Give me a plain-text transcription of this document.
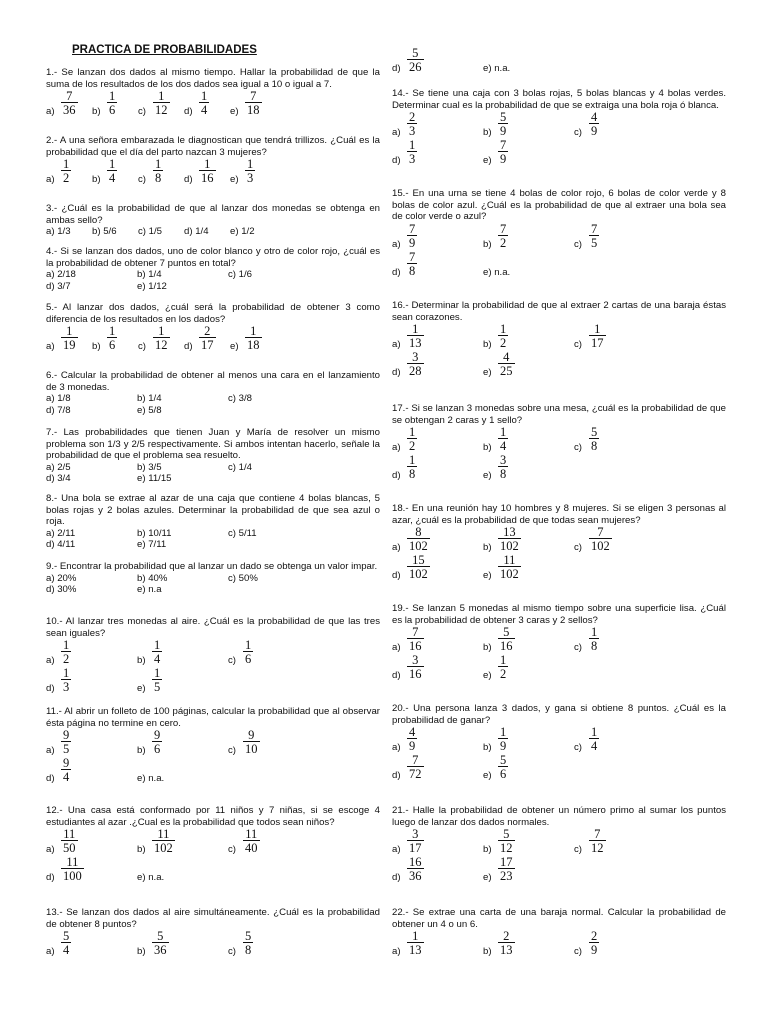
PRACTICA DE PROBABILIDADES
1.- Se lanzan dos dados al mismo tiempo. Hallar la probabilidad de que la suma de los resultados de los dos dados sea igual a 10 o igual a 7.
$a) \frac{7}{36} b) \frac{1}{6} c) \frac{1}{12} d) \frac{1}{4} e) \frac{7}{18}$
2.- A una señora embarazada le diagnostican que tendrá trillizos. ¿Cuál es la probabilidad que el día del parto nazcan 3 mujeres?
$a) \frac{1}{2} b) \frac{1}{4} c) \frac{1}{8} d) \frac{1}{16} e) \frac{1}{3}$
3.- ¿Cuál es la probabilidad de que al lanzar dos monedas se obtenga en ambas sello?
a) 1/3 b) 5/6 c) 1/5 d) 1/4 e) 1/2
4.- Si se lanzan dos dados, uno de color blanco y otro de color rojo, ¿cuál es la probabilidad de obtener 7 puntos en total?
a) 2/18	b) 1/4	c) 1/6
d) 3/7	e) 1/12
5.- Al lanzar dos dados, ¿cuál será la probabilidad de obtener 3 como diferencia de los resultados en los dados?
$a) \frac{1}{19} b) \frac{1}{6} c) \frac{1}{12} d) \frac{2}{17} e) \frac{1}{18}$
6.- Calcular la probabilidad de obtener al menos una cara en el lanzamiento de 3 monedas.
a) 1/8	b) 1/4	c) 3/8
d) 7/8	e) 5/8
7.- Las probabilidades que tienen Juan y María de resolver un mismo problema son 1/3 y 2/5 respectivamente. Si ambos intentan hacerlo, señale la probabilidad de que el problema sea resuelto.
a) 2/5	b) 3/5	c) 1/4
d) 3/4	e) 11/15
8.- Una bola se extrae al azar de una caja que contiene 4 bolas blancas, 5 bolas rojas y 2 bolas azules. Determinar la probabilidad de que sea azul o roja.
a) 2/11	b) 10/11	c) 5/11
d) 4/11	e) 7/11
9.- Encontrar la probabilidad que al lanzar un dado se obtenga un valor impar.
a) 20%	b) 40%	c) 50%
d) 30%	e) n.a
10.- Al lanzar tres monedas al aire. ¿Cuál es la probabilidad de que las tres sean iguales?
$a) \frac{1}{2}$	$b) \frac{1}{4}$	$c) \frac{1}{6}$
$d) \frac{1}{3}$	$e) \frac{1}{5}$
11.- Al abrir un folleto de 100 páginas, calcular la probabilidad que al observar ésta página no termine en cero.
$a) \frac{9}{5}$	$b) \frac{9}{6}$	$c) \frac{9}{10}$
$d) \frac{9}{4}$	e) n.a.
12.- Una casa está conformado por 11 niños y 7 niñas, si se escoge 4 estudiantes al azar .¿Cual es la probabilidad que todos sean niños?
$a) \frac{11}{50}$	$b) \frac{11}{102}$	$c) \frac{11}{40}$
$d) \frac{11}{100}$	e) n.a.
13.- Se lanzan dos dados al aire simultáneamente. ¿Cuál es la probabilidad de obtener 8 puntos?
$a) \frac{5}{4}$	$b) \frac{5}{36}$	$c) \frac{5}{8}$
$d) \frac{5}{26}$	e) n.a.
14.- Se tiene una caja con 3 bolas rojas, 5 bolas blancas y 4 bolas verdes. Determinar cual es la probabilidad de que se extraiga una bola roja ó blanca.
$a) \frac{2}{3}$	$b) \frac{5}{9}$	$c) \frac{4}{9}$
$d) \frac{1}{3}$	$e) \frac{7}{9}$
15.- En una urna se tiene 4 bolas de color rojo, 6 bolas de color verde y 8 bolas de color azul. ¿Cuál es la probabilidad de que al extraer una bola sea de color verde o azul?
$a) \frac{7}{9}$	$b) \frac{7}{2}$	$c) \frac{7}{5}$
$d) \frac{7}{8}$	e) n.a.
16.- Determinar la probabilidad de que al extraer 2 cartas de una baraja éstas sean corazones.
$a) \frac{1}{13}$	$b) \frac{1}{2}$	$c) \frac{1}{17}$
$d) \frac{3}{28}$	$e) \frac{4}{25}$
17.- Si se lanzan 3 monedas sobre una mesa, ¿cuál es la probabilidad de que se obtengan 2 caras y 1 sello?
$a) \frac{1}{2}$	$b) \frac{1}{4}$	$c) \frac{5}{8}$
$d) \frac{1}{8}$	$e) \frac{3}{8}$
18.- En una reunión hay 10 hombres y 8 mujeres. Si se eligen 3 personas al azar, ¿cuál es la probabilidad de que todas sean mujeres?
$a) \frac{8}{102}$	$b) \frac{13}{102}$	$c) \frac{7}{102}$
$d) \frac{15}{102}$	$e) \frac{11}{102}$
19.- Se lanzan 5 monedas al mismo tiempo sobre una superficie lisa. ¿Cuál es la probabilidad de obtener 3 caras y 2 sellos?
$a) \frac{7}{16}$	$b) \frac{5}{16}$	$c) \frac{1}{8}$
$d) \frac{3}{16}$	$e) \frac{1}{2}$
20.- Una persona lanza 3 dados, y gana si obtiene 8 puntos. ¿Cuál es la probabilidad de ganar?
$a) \frac{4}{9}$	$b) \frac{1}{9}$	$c) \frac{1}{4}$
$d) \frac{7}{72}$	$e) \frac{5}{6}$
21.- Halle la probabilidad de obtener un número primo al sumar los puntos luego de lanzar dos dados normales.
$a) \frac{3}{17}$	$b) \frac{5}{12}$	$c) \frac{7}{12}$
$d) \frac{16}{36}$	$e) \frac{17}{23}$
22.- Se extrae una carta de una baraja normal. Calcular la probabilidad de obtener un 4 o un 6.
$a) \frac{1}{13}$	$b) \frac{2}{13}$	$c) \frac{2}{9}$
